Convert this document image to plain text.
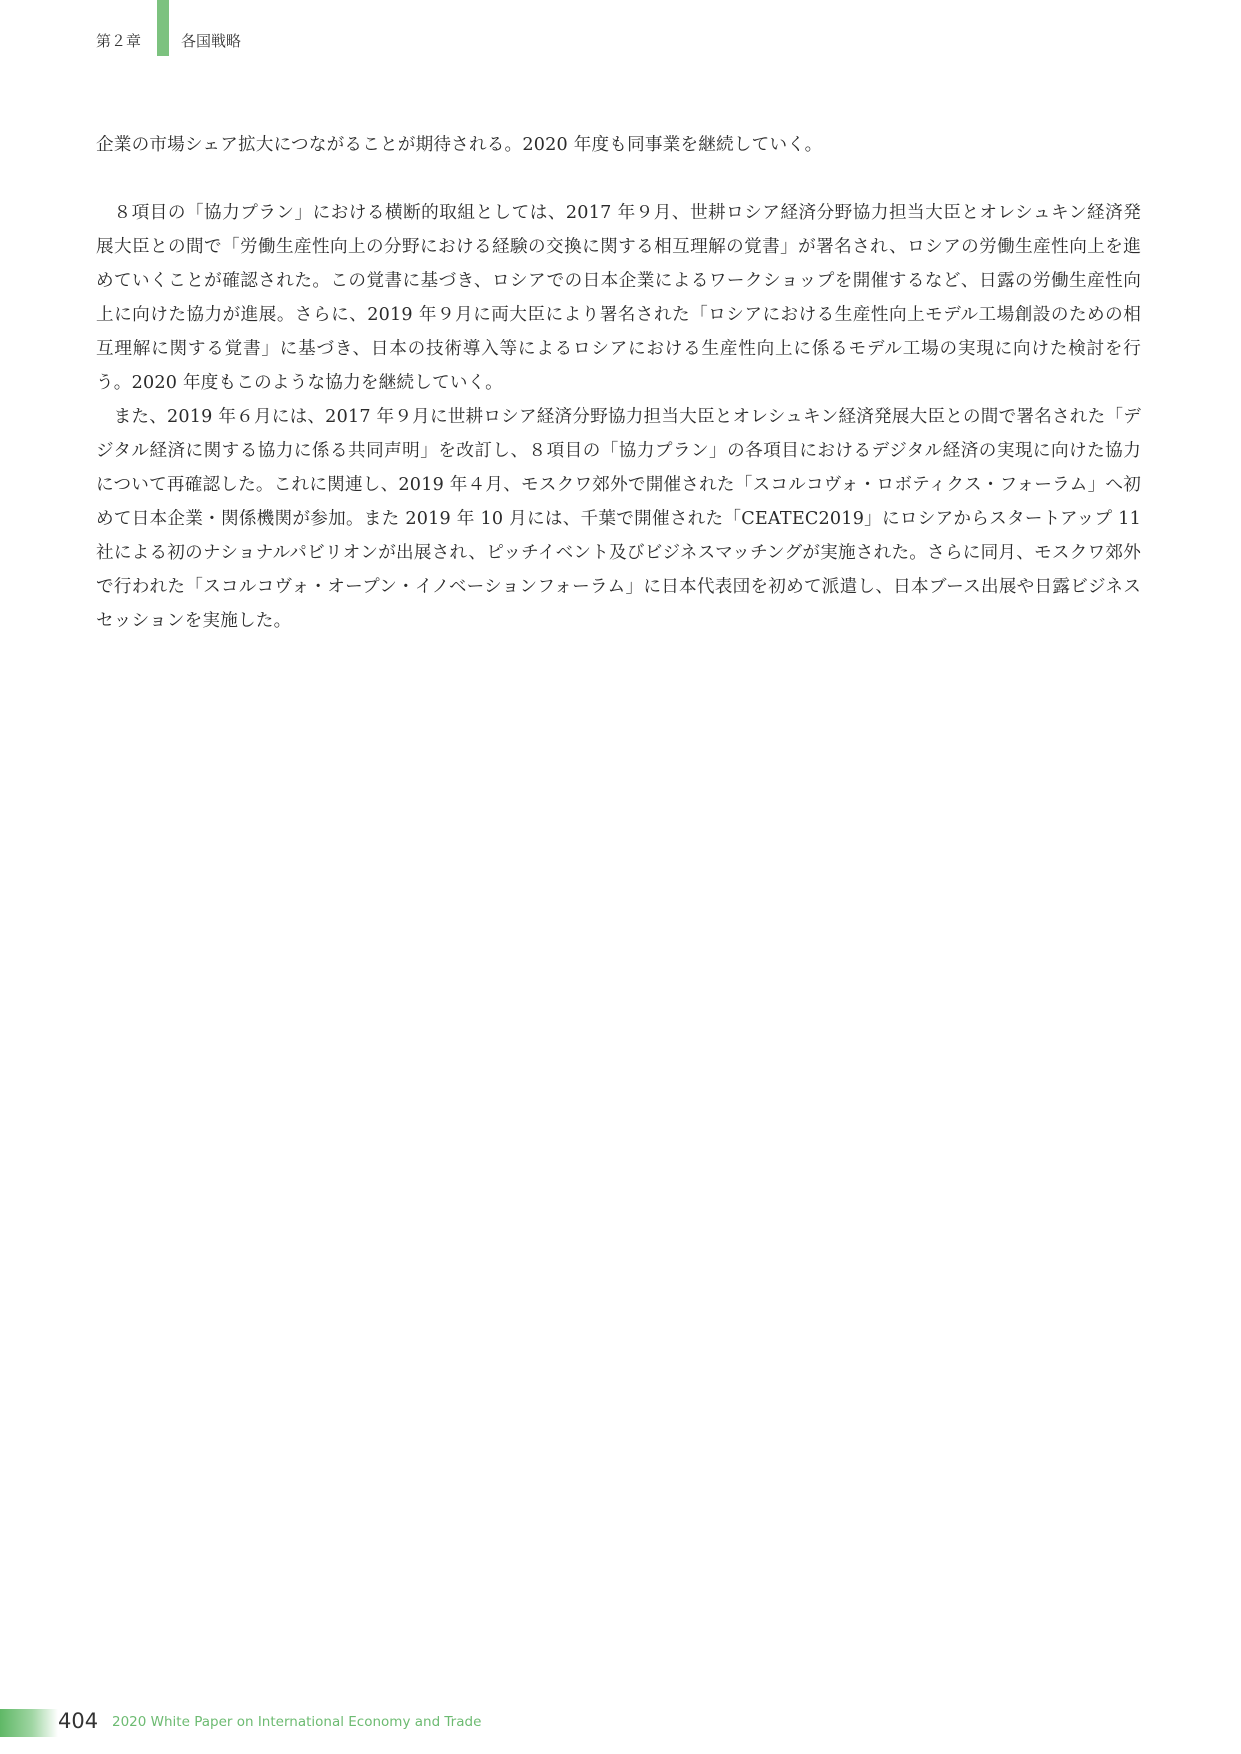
第２章	各国戦略

企業の市場シェア拡大につながることが期待される。2020 年度も同事業を継続していく。

８項目の「協力プラン」における横断的取組としては、2017 年９月、世耕ロシア経済分野協力担当大臣とオレシュキン経済発展大臣との間で「労働生産性向上の分野における経験の交換に関する相互理解の覚書」が署名され、ロシアの労働生産性向上を進めていくことが確認された。この覚書に基づき、ロシアでの日本企業によるワークショップを開催するなど、日露の労働生産性向上に向けた協力が進展。さらに、2019 年９月に両大臣により署名された「ロシアにおける生産性向上モデル工場創設のための相互理解に関する覚書」に基づき、日本の技術導入等によるロシアにおける生産性向上に係るモデル工場の実現に向けた検討を行う。2020 年度もこのような協力を継続していく。

また、2019 年６月には、2017 年９月に世耕ロシア経済分野協力担当大臣とオレシュキン経済発展大臣との間で署名された「デジタル経済に関する協力に係る共同声明」を改訂し、８項目の「協力プラン」の各項目におけるデジタル経済の実現に向けた協力について再確認した。これに関連し、2019 年４月、モスクワ郊外で開催された「スコルコヴォ・ロボティクス・フォーラム」へ初めて日本企業・関係機関が参加。また 2019 年 10 月には、千葉で開催された「CEATEC2019」にロシアからスタートアップ 11 社による初のナショナルパビリオンが出展され、ピッチイベント及びビジネスマッチングが実施された。さらに同月、モスクワ郊外で行われた「スコルコヴォ・オープン・イノベーションフォーラム」に日本代表団を初めて派遣し、日本ブース出展や日露ビジネスセッションを実施した。

404 2020 White Paper on International Economy and Trade
